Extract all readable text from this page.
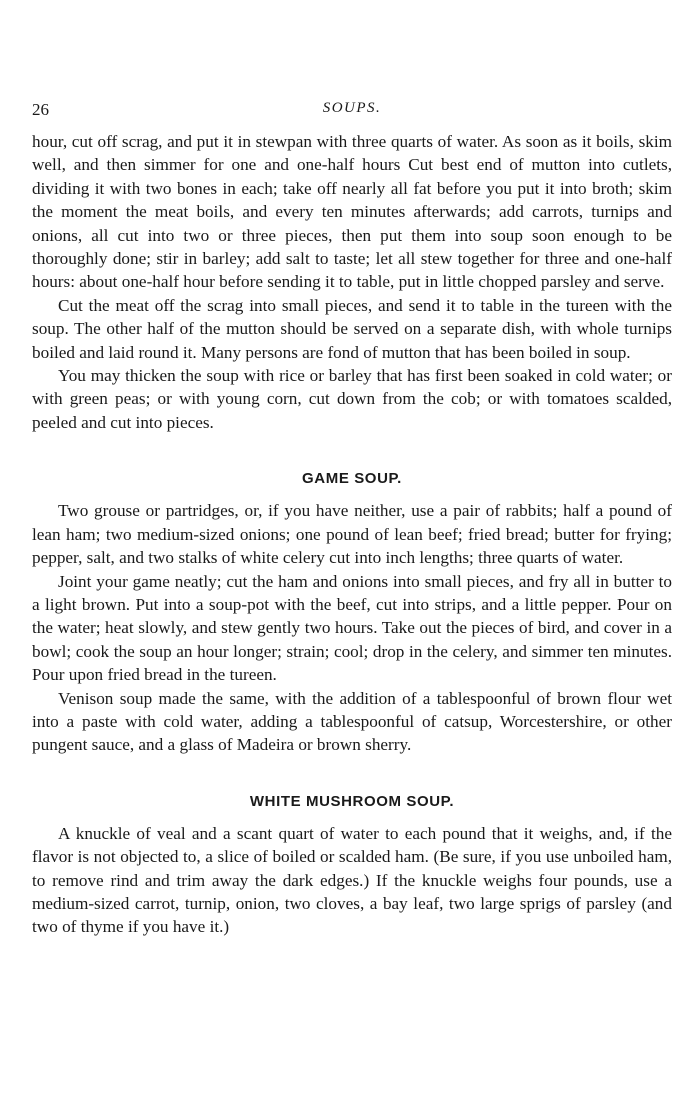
26	SOUPS.

hour, cut off scrag, and put it in stewpan with three quarts of water. As soon as it boils, skim well, and then simmer for one and one-half hours Cut best end of mutton into cutlets, dividing it with two bones in each; take off nearly all fat before you put it into broth; skim the moment the meat boils, and every ten minutes afterwards; add carrots, turnips and onions, all cut into two or three pieces, then put them into soup soon enough to be thoroughly done; stir in barley; add salt to taste; let all stew together for three and one-half hours: about one-half hour before sending it to table, put in little chopped parsley and serve.

Cut the meat off the scrag into small pieces, and send it to table in the tureen with the soup. The other half of the mutton should be served on a separate dish, with whole turnips boiled and laid round it. Many persons are fond of mutton that has been boiled in soup.

You may thicken the soup with rice or barley that has first been soaked in cold water; or with green peas; or with young corn, cut down from the cob; or with tomatoes scalded, peeled and cut into pieces.

GAME SOUP.

Two grouse or partridges, or, if you have neither, use a pair of rabbits; half a pound of lean ham; two medium-sized onions; one pound of lean beef; fried bread; butter for frying; pepper, salt, and two stalks of white celery cut into inch lengths; three quarts of water.

Joint your game neatly; cut the ham and onions into small pieces, and fry all in butter to a light brown. Put into a soup-pot with the beef, cut into strips, and a little pepper. Pour on the water; heat slowly, and stew gently two hours. Take out the pieces of bird, and cover in a bowl; cook the soup an hour longer; strain; cool; drop in the celery, and simmer ten minutes. Pour upon fried bread in the tureen.

Venison soup made the same, with the addition of a tablespoonful of brown flour wet into a paste with cold water, adding a tablespoonful of catsup, Worcestershire, or other pungent sauce, and a glass of Madeira or brown sherry.

WHITE MUSHROOM SOUP.

A knuckle of veal and a scant quart of water to each pound that it weighs, and, if the flavor is not objected to, a slice of boiled or scalded ham. (Be sure, if you use unboiled ham, to remove rind and trim away the dark edges.) If the knuckle weighs four pounds, use a medium-sized carrot, turnip, onion, two cloves, a bay leaf, two large sprigs of parsley (and two of thyme if you have it.)
